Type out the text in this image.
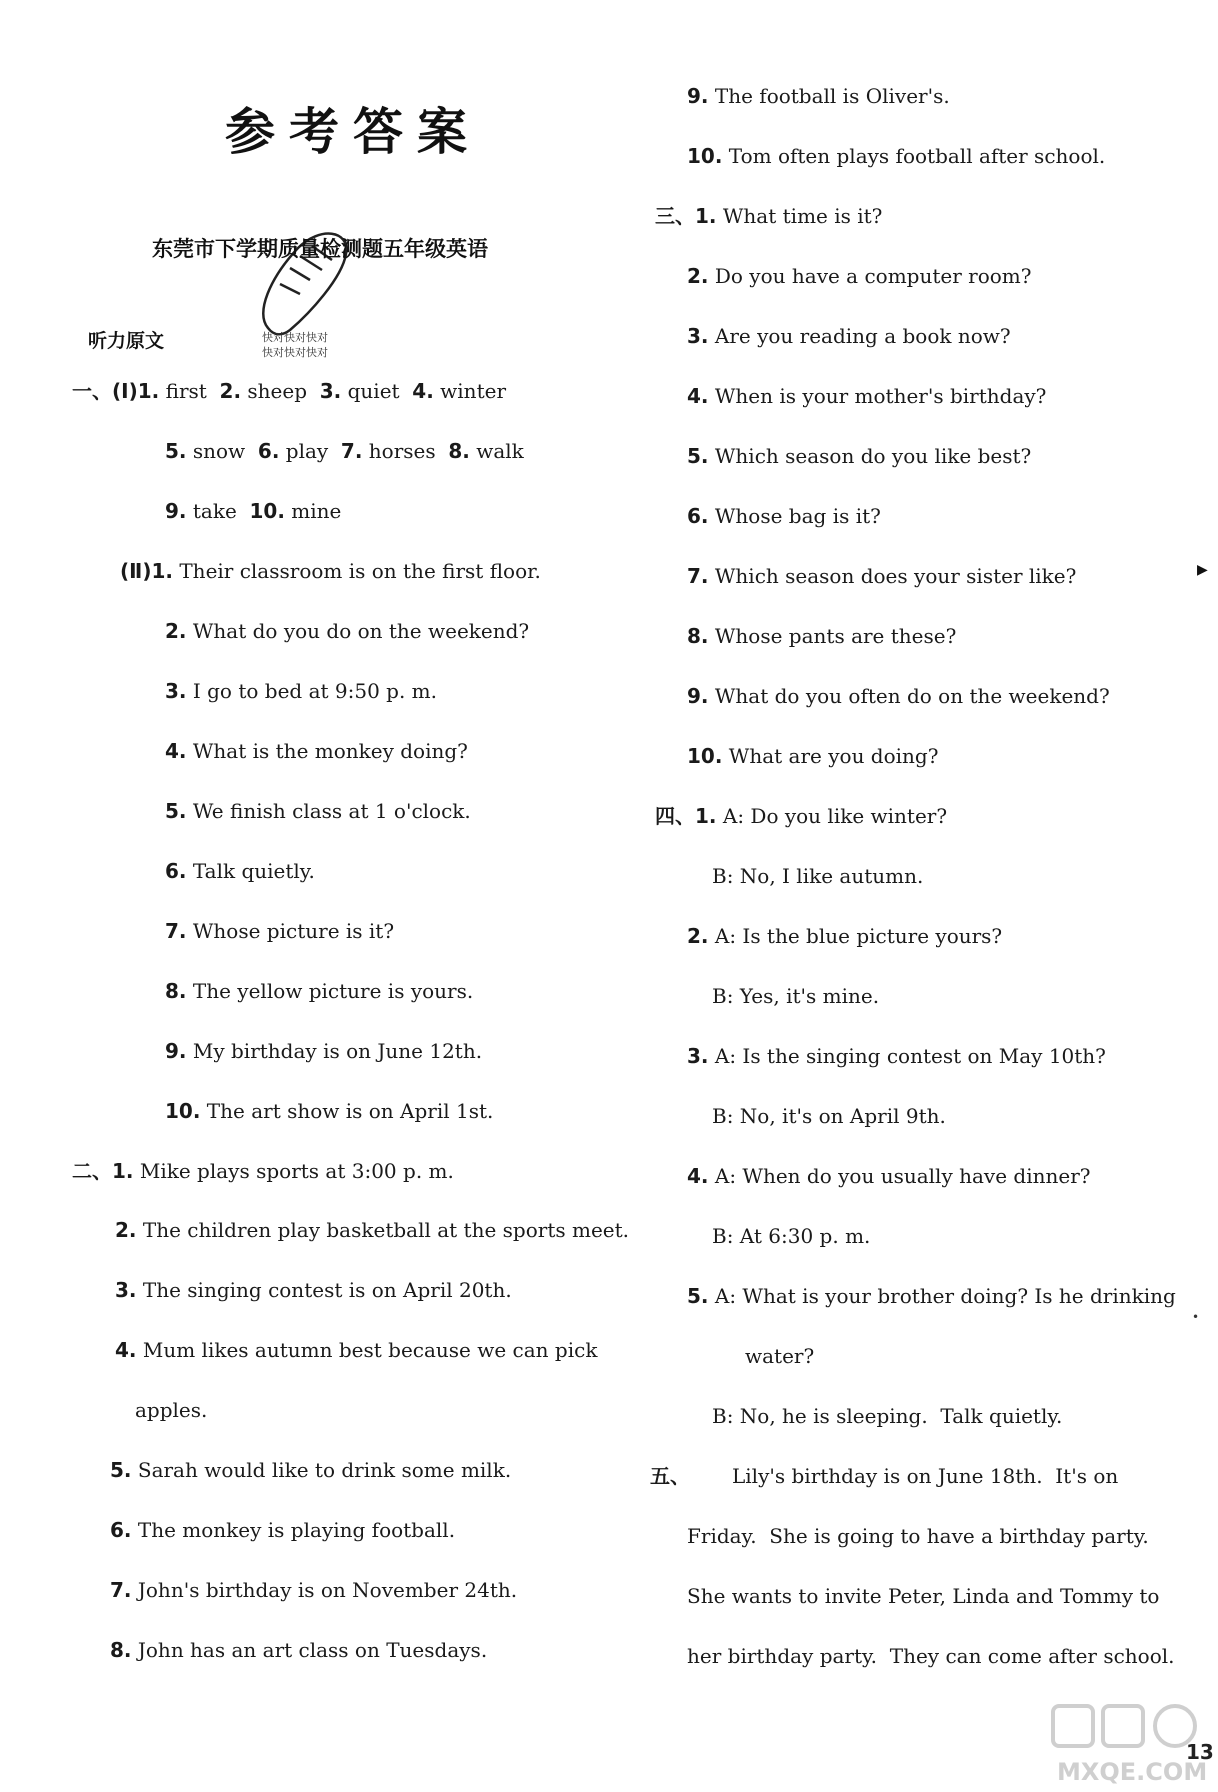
参考答案
东莞市下学期质量检测题五年级英语
快对快对快对
快对快对快对
听力原文
一、(Ⅰ)1. first  2. sheep  3. quiet  4. winter
5. snow  6. play  7. horses  8. walk
9. take  10. mine
(Ⅱ)1. Their classroom is on the first floor.
2. What do you do on the weekend?
3. I go to bed at 9:50 p. m.
4. What is the monkey doing?
5. We finish class at 1 o'clock.
6. Talk quietly.
7. Whose picture is it?
8. The yellow picture is yours.
9. My birthday is on June 12th.
10. The art show is on April 1st.
二、1. Mike plays sports at 3:00 p. m.
2. The children play basketball at the sports meet.
3. The singing contest is on April 20th.
4. Mum likes autumn best because we can pick
apples.
5. Sarah would like to drink some milk.
6. The monkey is playing football.
7. John's birthday is on November 24th.
8. John has an art class on Tuesdays.
9. The football is Oliver's.
10. Tom often plays football after school.
三、1. What time is it?
2. Do you have a computer room?
3. Are you reading a book now?
4. When is your mother's birthday?
5. Which season do you like best?
6. Whose bag is it?
7. Which season does your sister like?
8. Whose pants are these?
9. What do you often do on the weekend?
10. What are you doing?
四、1. A: Do you like winter?
B: No, I like autumn.
2. A: Is the blue picture yours?
B: Yes, it's mine.
3. A: Is the singing contest on May 10th?
B: No, it's on April 9th.
4. A: When do you usually have dinner?
B: At 6:30 p. m.
5. A: What is your brother doing? Is he drinking
water?
B: No, he is sleeping.  Talk quietly.
五、 Lily's birthday is on June 18th.  It's on
Friday.  She is going to have a birthday party.
She wants to invite Peter, Linda and Tommy to
her birthday party.  They can come after school.
▶
•
MXQE.COM
13
